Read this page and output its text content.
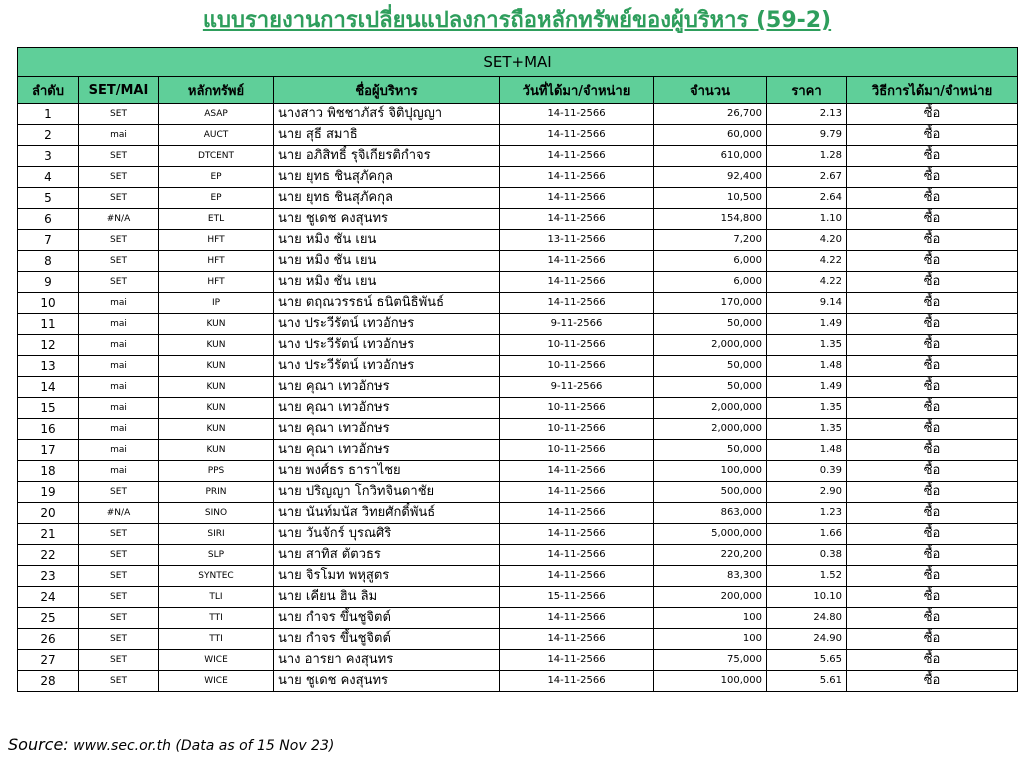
แบบรายงานการเปลี่ยนแปลงการถือหลักทรัพย์ของผู้บริหาร (59-2)
SET+MAI							
ลำดับ	SET/MAI	หลักทรัพย์	ชื่อผู้บริหาร	วันที่ได้มา/จำหน่าย	จำนวน	ราคา	วิธีการได้มา/จำหน่าย
1	SET	ASAP	นางสาว พิชชาภัสร์ จิติปุญญา	14-11-2566	26,700	2.13	ซื้อ
2	mai	AUCT	นาย สุธี สมาธิ	14-11-2566	60,000	9.79	ซื้อ
3	SET	DTCENT	นาย อภิสิทธิ์ รุจิเกียรติกำจร	14-11-2566	610,000	1.28	ซื้อ
4	SET	EP	นาย ยุทธ ชินสุภัคกุล	14-11-2566	92,400	2.67	ซื้อ
5	SET	EP	นาย ยุทธ ชินสุภัคกุล	14-11-2566	10,500	2.64	ซื้อ
6	#N/A	ETL	นาย ชูเดช คงสุนทร	14-11-2566	154,800	1.10	ซื้อ
7	SET	HFT	นาย หมิง ชัน เยน	13-11-2566	7,200	4.20	ซื้อ
8	SET	HFT	นาย หมิง ชัน เยน	14-11-2566	6,000	4.22	ซื้อ
9	SET	HFT	นาย หมิง ชัน เยน	14-11-2566	6,000	4.22	ซื้อ
10	mai	IP	นาย ตฤณวรรธน์ ธนิตนิธิพันธ์	14-11-2566	170,000	9.14	ซื้อ
11	mai	KUN	นาง ประวีรัตน์ เทวอักษร	9-11-2566	50,000	1.49	ซื้อ
12	mai	KUN	นาง ประวีรัตน์ เทวอักษร	10-11-2566	2,000,000	1.35	ซื้อ
13	mai	KUN	นาง ประวีรัตน์ เทวอักษร	10-11-2566	50,000	1.48	ซื้อ
14	mai	KUN	นาย คุณา เทวอักษร	9-11-2566	50,000	1.49	ซื้อ
15	mai	KUN	นาย คุณา เทวอักษร	10-11-2566	2,000,000	1.35	ซื้อ
16	mai	KUN	นาย คุณา เทวอักษร	10-11-2566	2,000,000	1.35	ซื้อ
17	mai	KUN	นาย คุณา เทวอักษร	10-11-2566	50,000	1.48	ซื้อ
18	mai	PPS	นาย พงศ์ธร ธาราไชย	14-11-2566	100,000	0.39	ซื้อ
19	SET	PRIN	นาย ปริญญา โกวิทจินดาชัย	14-11-2566	500,000	2.90	ซื้อ
20	#N/A	SINO	นาย นันท์มนัส วิทยศักดิ์พันธ์	14-11-2566	863,000	1.23	ซื้อ
21	SET	SIRI	นาย วันจักร์ บุรณศิริ	14-11-2566	5,000,000	1.66	ซื้อ
22	SET	SLP	นาย สาทิส ตัตวธร	14-11-2566	220,200	0.38	ซื้อ
23	SET	SYNTEC	นาย จิรโมท พหุสูตร	14-11-2566	83,300	1.52	ซื้อ
24	SET	TLI	นาย เคียน ฮิน ลิม	15-11-2566	200,000	10.10	ซื้อ
25	SET	TTI	นาย กำจร ขึ้นชูจิตต์	14-11-2566	100	24.80	ซื้อ
26	SET	TTI	นาย กำจร ขึ้นชูจิตต์	14-11-2566	100	24.90	ซื้อ
27	SET	WICE	นาง อารยา คงสุนทร	14-11-2566	75,000	5.65	ซื้อ
28	SET	WICE	นาย ชูเดช คงสุนทร	14-11-2566	100,000	5.61	ซื้อ
Source: www.sec.or.th (Data as of 15 Nov 23)
